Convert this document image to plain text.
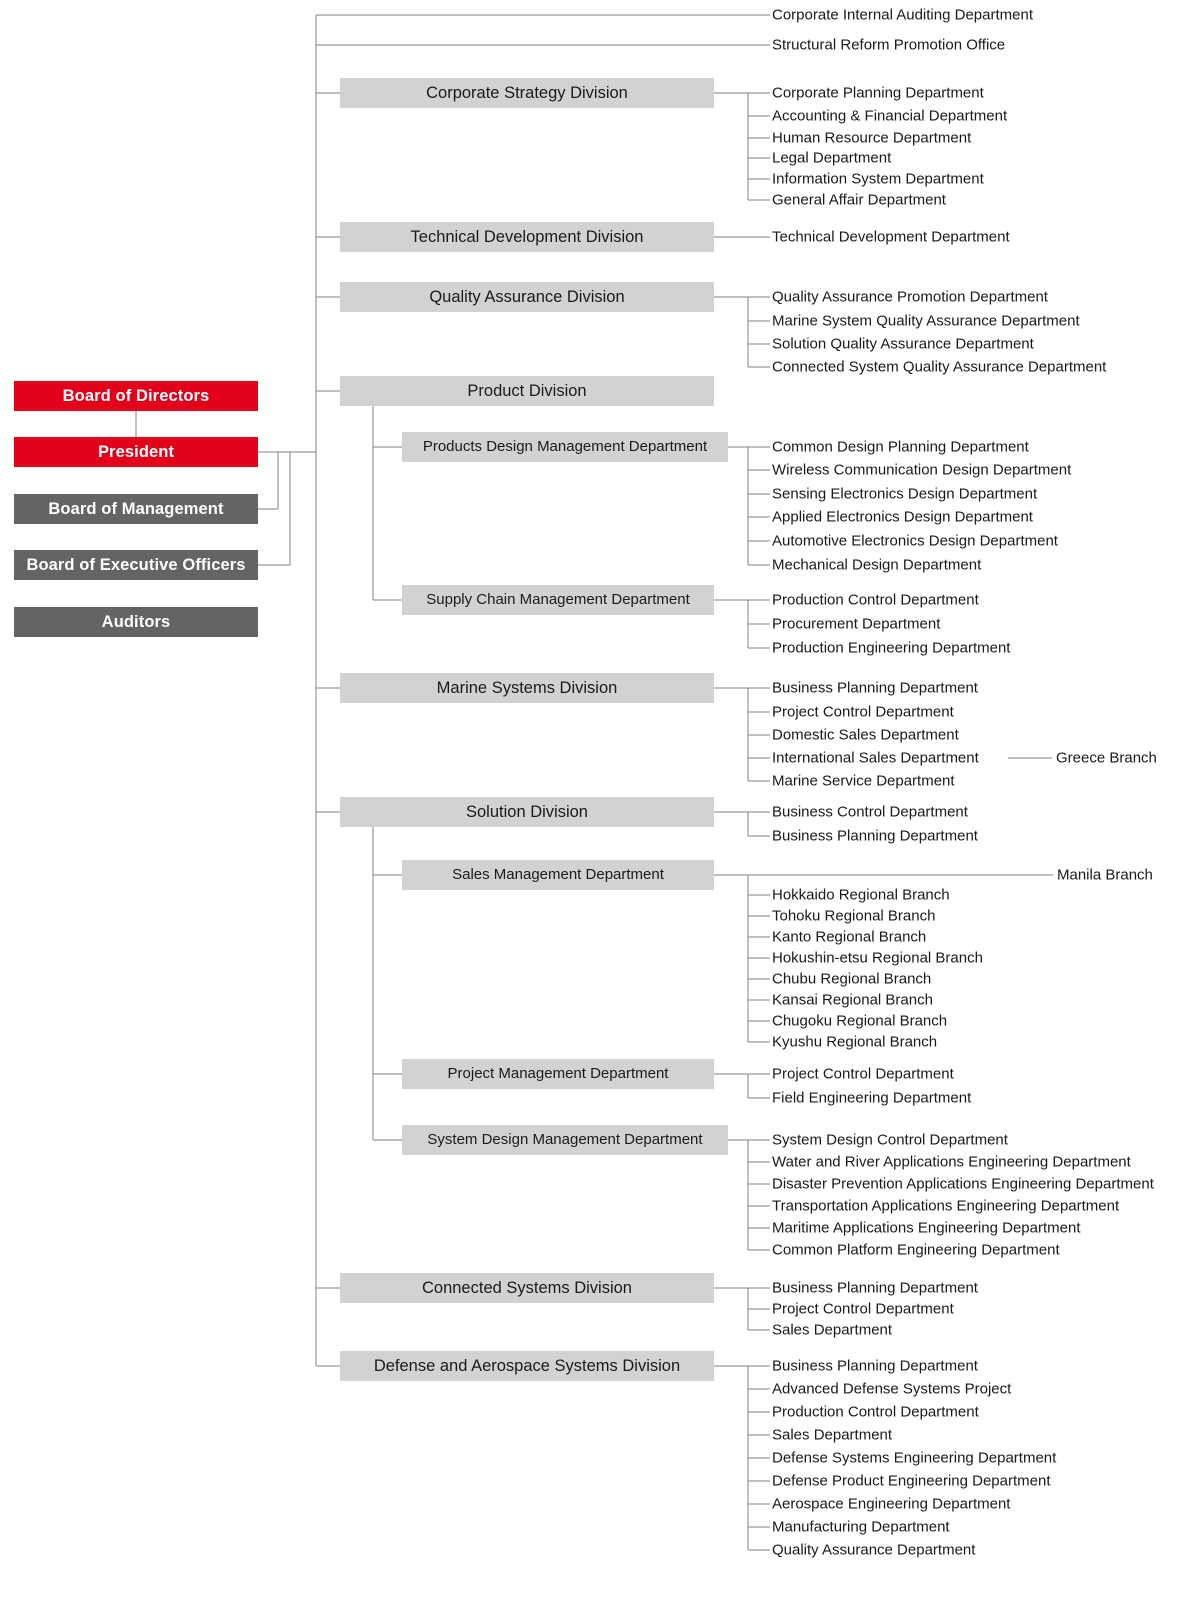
Board of Directors
President
Board of Management
Board of Executive Officers
Auditors
Corporate Internal Auditing Department
Structural Reform Promotion Office
Corporate Strategy Division	Corporate Planning Department
Accounting & Financial Department
Human Resource Department
Legal Department
Information System Department
General Affair Department
Technical Development Division	Technical Development Department
Quality Assurance Division	Quality Assurance Promotion Department
Marine System Quality Assurance Department
Solution Quality Assurance Department
Connected System Quality Assurance Department
Product Division
Products Design Management Department	Common Design Planning Department
Wireless Communication Design Department
Sensing Electronics Design Department
Applied Electronics Design Department
Automotive Electronics Design Department
Mechanical Design Department
Supply Chain Management Department	Production Control Department
Procurement Department
Production Engineering Department
Marine Systems Division	Business Planning Department
Project Control Department
Domestic Sales Department
International Sales Department
Marine Service Department
Greece Branch
Solution Division	Business Control Department
Business Planning Department
Sales Management Department	Manila Branch
Hokkaido Regional Branch
Tohoku Regional Branch
Kanto Regional Branch
Hokushin-etsu Regional Branch
Chubu Regional Branch
Kansai Regional Branch
Chugoku Regional Branch
Kyushu Regional Branch
Project Management Department	Project Control Department
Field Engineering Department
System Design Management Department	System Design Control Department
Water and River Applications Engineering Department
Disaster Prevention Applications Engineering Department
Transportation Applications Engineering Department
Maritime Applications Engineering Department
Common Platform Engineering Department
Connected Systems Division	Business Planning Department
Project Control Department
Sales Department
Defense and Aerospace Systems Division	Business Planning Department
Advanced Defense Systems Project
Production Control Department
Sales Department
Defense Systems Engineering Department
Defense Product Engineering Department
Aerospace Engineering Department
Manufacturing Department
Quality Assurance Department
